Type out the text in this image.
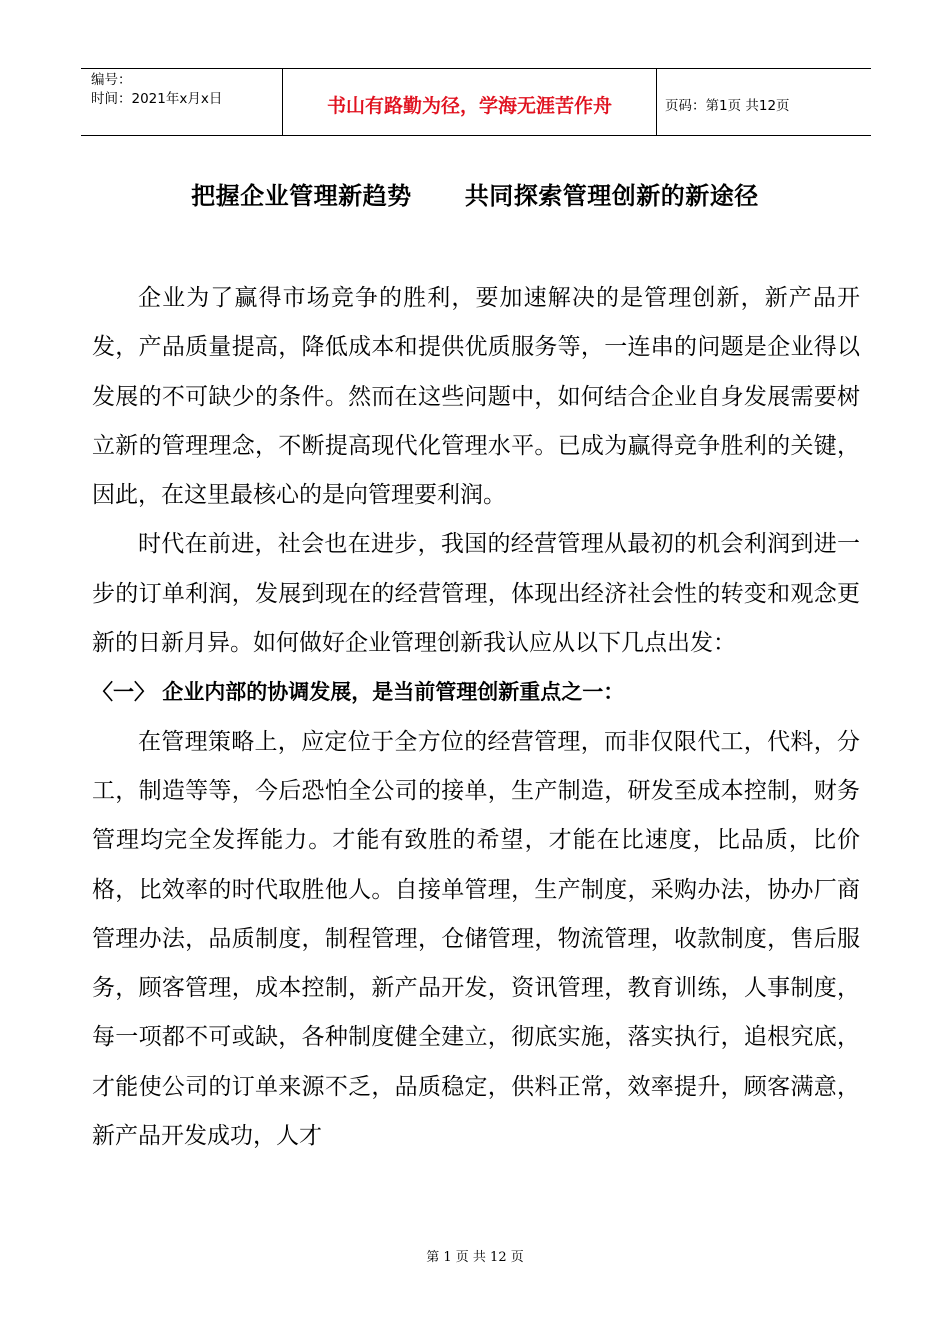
编号：
时间：2021年x月x日	书山有路勤为径，学海无涯苦作舟	页码：第1页 共12页
把握企业管理新趋势      共同探索管理创新的新途径

企业为了赢得市场竞争的胜利，要加速解决的是管理创新，新产品开发，产品质量提高，降低成本和提供优质服务等，一连串的问题是企业得以发展的不可缺少的条件。然而在这些问题中，如何结合企业自身发展需要树立新的管理理念，不断提高现代化管理水平。已成为赢得竞争胜利的关键，因此，在这里最核心的是向管理要利润。

时代在前进，社会也在进步，我国的经营管理从最初的机会利润到进一步的订单利润，发展到现在的经营管理，体现出经济社会性的转变和观念更新的日新月异。如何做好企业管理创新我认应从以下几点出发：

〈一〉 企业内部的协调发展，是当前管理创新重点之一：

在管理策略上，应定位于全方位的经营管理，而非仅限代工，代料，分工，制造等等，今后恐怕全公司的接单，生产制造，研发至成本控制，财务管理均完全发挥能力。才能有致胜的希望，才能在比速度，比品质，比价格，比效率的时代取胜他人。自接单管理，生产制度，采购办法，协办厂商管理办法，品质制度，制程管理，仓储管理，物流管理，收款制度，售后服务，顾客管理，成本控制，新产品开发，资讯管理，教育训练，人事制度，每一项都不可或缺，各种制度健全建立，彻底实施，落实执行，追根究底，才能使公司的订单来源不乏，品质稳定，供料正常，效率提升，顾客满意，新产品开发成功，人才

第 1 页 共 12 页
